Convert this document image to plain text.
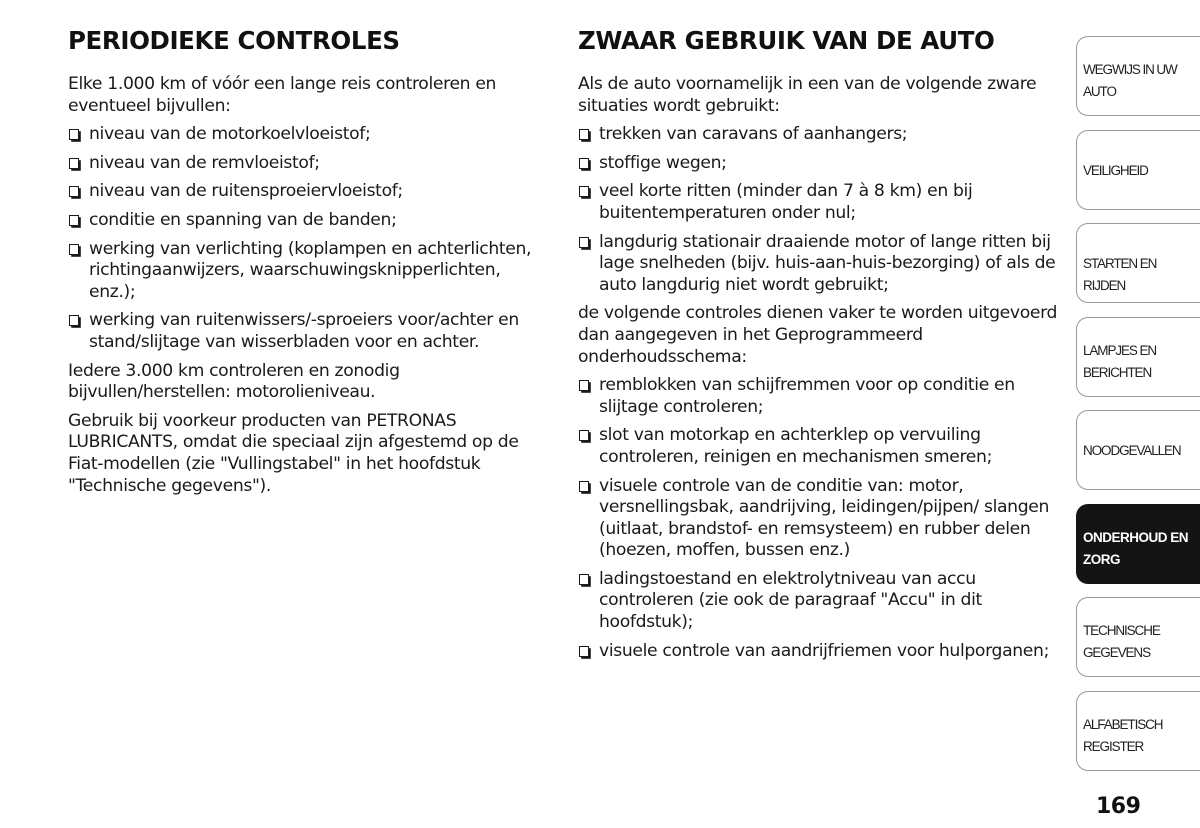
PERIODIEKE CONTROLES

Elke 1.000 km of vóór een lange reis controleren en eventueel bijvullen:

niveau van de motorkoelvloeistof;
niveau van de remvloeistof;
niveau van de ruitensproeiervloeistof;
conditie en spanning van de banden;
werking van verlichting (koplampen en achterlichten, richtingaanwijzers, waarschuwingsknipperlichten, enz.);
werking van ruitenwissers/-sproeiers voor/achter en stand/slijtage van wisserbladen voor en achter.

Iedere 3.000 km controleren en zonodig bijvullen/herstellen: motorolieniveau.

Gebruik bij voorkeur producten van PETRONAS LUBRICANTS, omdat die speciaal zijn afgestemd op de Fiat-modellen (zie "Vullingstabel" in het hoofdstuk "Technische gegevens").

ZWAAR GEBRUIK VAN DE AUTO

Als de auto voornamelijk in een van de volgende zware situaties wordt gebruikt:

trekken van caravans of aanhangers;
stoffige wegen;
veel korte ritten (minder dan 7 à 8 km) en bij buitentemperaturen onder nul;
langdurig stationair draaiende motor of lange ritten bij lage snelheden (bijv. huis-aan-huis-bezorging) of als de auto langdurig niet wordt gebruikt;

de volgende controles dienen vaker te worden uitgevoerd dan aangegeven in het Geprogrammeerd onderhoudsschema:

remblokken van schijfremmen voor op conditie en slijtage controleren;
slot van motorkap en achterklep op vervuiling controleren, reinigen en mechanismen smeren;
visuele controle van de conditie van: motor, versnellingsbak, aandrijving, leidingen/pijpen/ slangen (uitlaat, brandstof- en remsysteem) en rubber delen (hoezen, moffen, bussen enz.)
ladingstoestand en elektrolytniveau van accu controleren (zie ook de paragraaf "Accu" in dit hoofdstuk);
visuele controle van aandrijfriemen voor hulporganen;
WEGWIJS IN UW AUTO
VEILIGHEID
STARTEN EN RIJDEN
LAMPJES EN BERICHTEN
NOODGEVALLEN
ONDERHOUD EN ZORG
TECHNISCHE GEGEVENS
ALFABETISCH REGISTER
169
